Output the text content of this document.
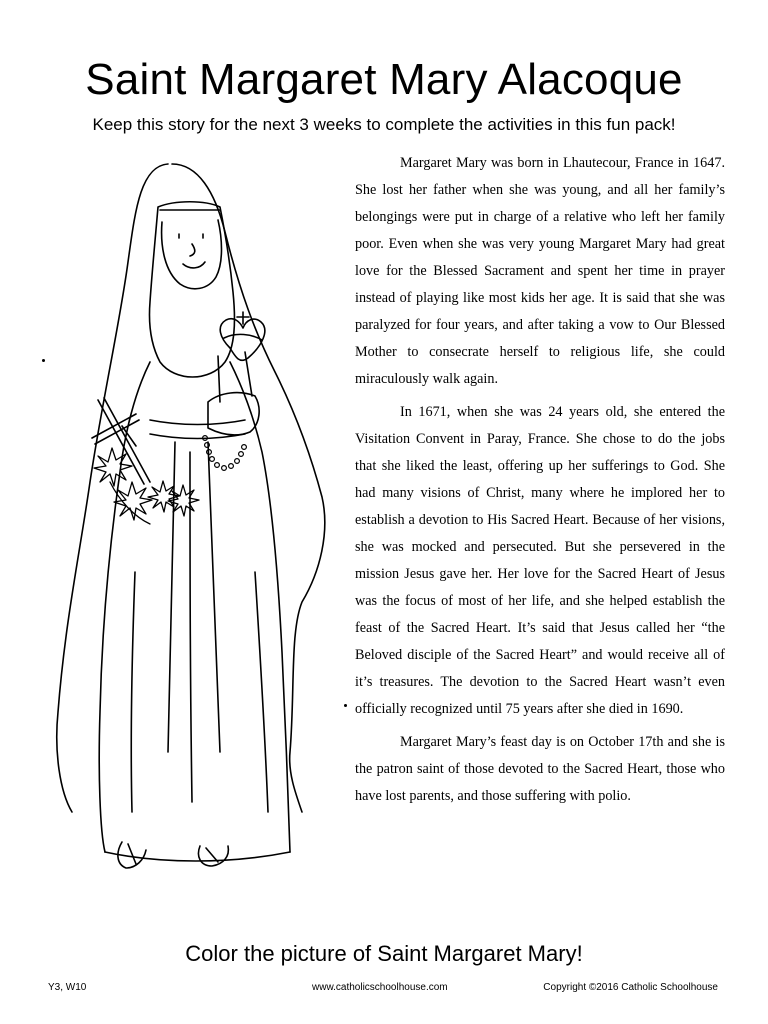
Saint Margaret Mary Alacoque
Keep this story for the next 3 weeks to complete the activities in this fun pack!

Margaret Mary was born in Lhautecour, France in 1647. She lost her father when she was young, and all her family’s belongings were put in charge of a relative who left her family poor. Even when she was very young Margaret Mary had great love for the Blessed Sacrament and spent her time in prayer instead of playing like most kids her age. It is said that she was paralyzed for four years, and after taking a vow to Our Blessed Mother to consecrate herself to religious life, she could miraculously walk again.

In 1671, when she was 24 years old, she entered the Visitation Convent in Paray, France. She chose to do the jobs that she liked the least, offering up her sufferings to God. She had many visions of Christ, many where he implored her to establish a devotion to His Sacred Heart. Because of her visions, she was mocked and persecuted. But she persevered in the mission Jesus gave her. Her love for the Sacred Heart of Jesus was the focus of most of her life, and she helped establish the feast of the Sacred Heart. It’s said that Jesus called her “the Beloved disciple of the Sacred Heart” and would receive all of it’s treasures. The devotion to the Sacred Heart wasn’t even officially recognized until 75 years after she died in 1690.

Margaret Mary’s feast day is on October 17th and she is the patron saint of those devoted to the Sacred Heart, those who have lost parents, and those suffering with polio.

Color the picture of Saint Margaret Mary!
Y3, W10	www.catholicschoolhouse.com	Copyright ©2016 Catholic Schoolhouse
